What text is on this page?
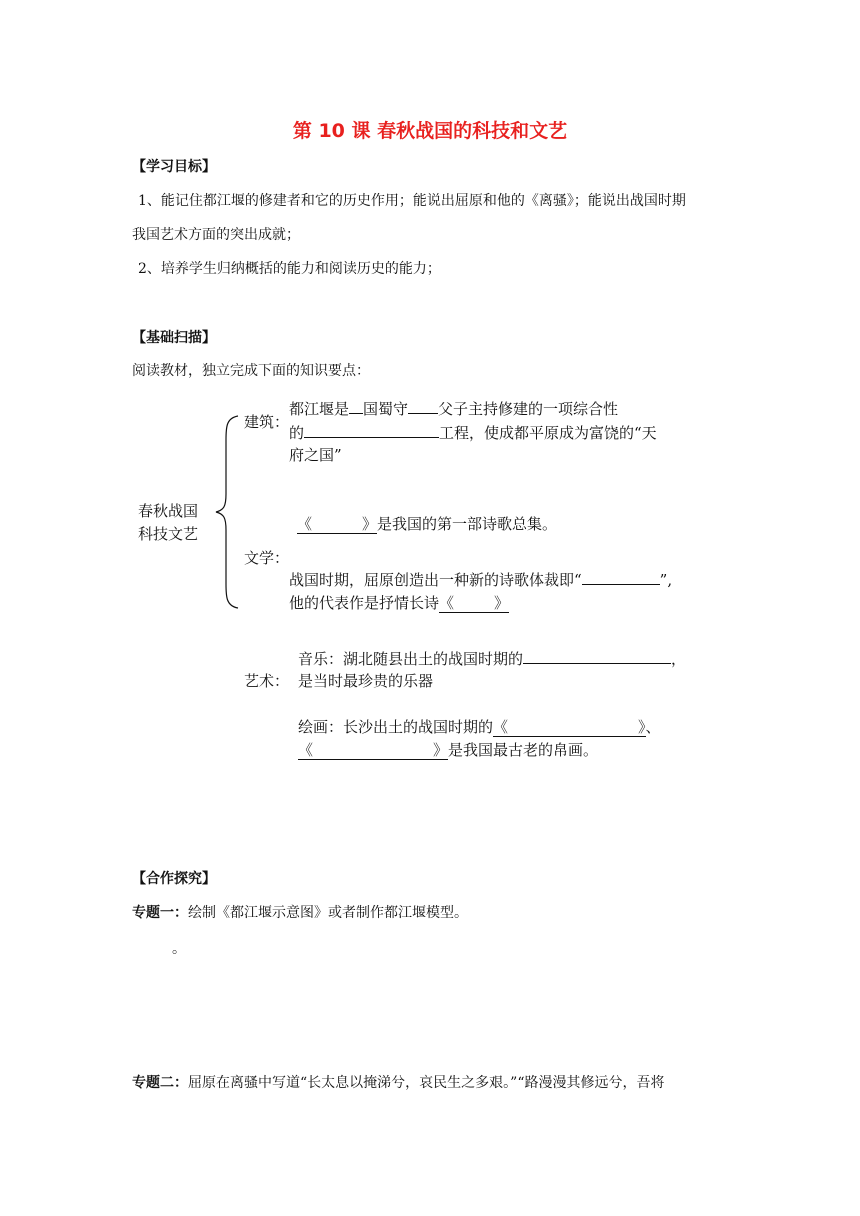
第 10 课 春秋战国的科技和文艺
【学习目标】
1、能记住都江堰的修建者和它的历史作用；能说出屈原和他的《离骚》；能说出战国时期
我国艺术方面的突出成就；
2、培养学生归纳概括的能力和阅读历史的能力；
【基础扫描】
阅读教材，独立完成下面的知识要点：
春秋战国
科技文艺
建筑：
都江堰是 国蜀守 父子主持修建的一项综合性
的	工程，使成都平原成为富饶的“天
府之国”
《	》是我国的第一部诗歌总集。
文学：
战国时期，屈原创造出一种新的诗歌体裁即“	”,
他的代表作是抒情长诗《	》
音乐：湖北随县出土的战国时期的	，
艺术： 是当时最珍贵的乐器
绘画：长沙出土的战国时期的《	》、
《	》是我国最古老的帛画。
【合作探究】
专题一：绘制《都江堰示意图》或者制作都江堰模型。
。
专题二：屈原在离骚中写道“长太息以掩涕兮，哀民生之多艰。”“路漫漫其修远兮，吾将
